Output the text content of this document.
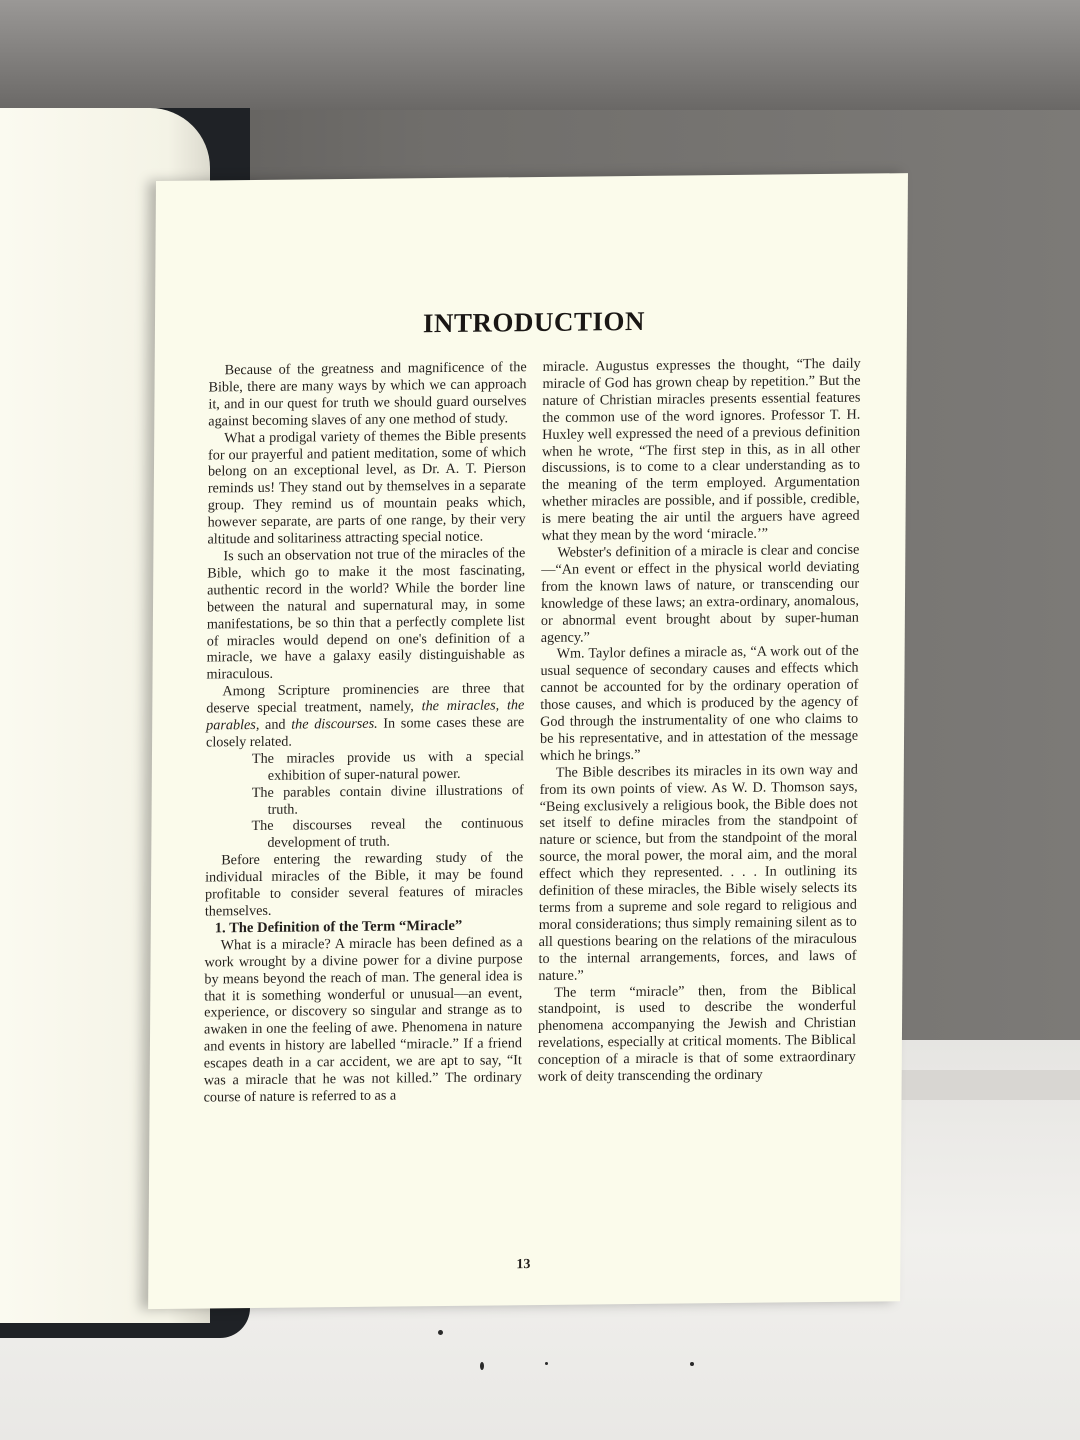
INTRODUCTION

Because of the greatness and magnificence of the Bible, there are many ways by which we can approach it, and in our quest for truth we should guard ourselves against becoming slaves of any one method of study.

What a prodigal variety of themes the Bible presents for our prayerful and patient meditation, some of which belong on an exceptional level, as Dr. A. T. Pierson reminds us! They stand out by themselves in a separate group. They remind us of mountain peaks which, however separate, are parts of one range, by their very altitude and solitariness attracting special notice.

Is such an observation not true of the miracles of the Bible, which go to make it the most fascinating, authentic record in the world? While the border line between the natural and supernatural may, in some manifestations, be so thin that a perfectly complete list of miracles would depend on one's definition of a miracle, we have a galaxy easily distinguishable as miraculous.

Among Scripture prominencies are three that deserve special treatment, namely, the miracles, the parables, and the discourses. In some cases these are closely related.

The miracles provide us with a special exhibition of super-natural power.
The parables contain divine illustrations of truth.
The discourses reveal the continuous development of truth.

Before entering the rewarding study of the individual miracles of the Bible, it may be found profitable to consider several features of miracles themselves.

1. The Definition of the Term “Miracle”

What is a miracle? A miracle has been defined as a work wrought by a divine power for a divine purpose by means beyond the reach of man. The general idea is that it is something wonderful or unusual—an event, experience, or discovery so singular and strange as to awaken in one the feeling of awe. Phenomena in nature and events in history are labelled “miracle.” If a friend escapes death in a car accident, we are apt to say, “It was a miracle that he was not killed.” The ordinary course of nature is referred to as a

miracle. Augustus expresses the thought, “The daily miracle of God has grown cheap by repetition.” But the nature of Christian miracles presents essential features the common use of the word ignores. Professor T. H. Huxley well expressed the need of a previous definition when he wrote, “The first step in this, as in all other discussions, is to come to a clear understanding as to the meaning of the term employed. Argumentation whether miracles are possible, and if possible, credible, is mere beating the air until the arguers have agreed what they mean by the word ‘miracle.’”

Webster's definition of a miracle is clear and concise—“An event or effect in the physical world deviating from the known laws of nature, or transcending our knowledge of these laws; an extra-ordinary, anomalous, or abnormal event brought about by super-human agency.”

Wm. Taylor defines a miracle as, “A work out of the usual sequence of secondary causes and effects which cannot be accounted for by the ordinary operation of those causes, and which is produced by the agency of God through the instrumentality of one who claims to be his representative, and in attestation of the message which he brings.”

The Bible describes its miracles in its own way and from its own points of view. As W. D. Thomson says, “Being exclusively a religious book, the Bible does not set itself to define miracles from the standpoint of nature or science, but from the standpoint of the moral source, the moral power, the moral aim, and the moral effect which they represented. . . . In outlining its definition of these miracles, the Bible wisely selects its terms from a supreme and sole regard to religious and moral considerations; thus simply remaining silent as to all questions bearing on the relations of the miraculous to the internal arrangements, forces, and laws of nature.”

The term “miracle” then, from the Biblical standpoint, is used to describe the wonderful phenomena accompanying the Jewish and Christian revelations, especially at critical moments. The Biblical conception of a miracle is that of some extraordinary work of deity transcending the ordinary

13
